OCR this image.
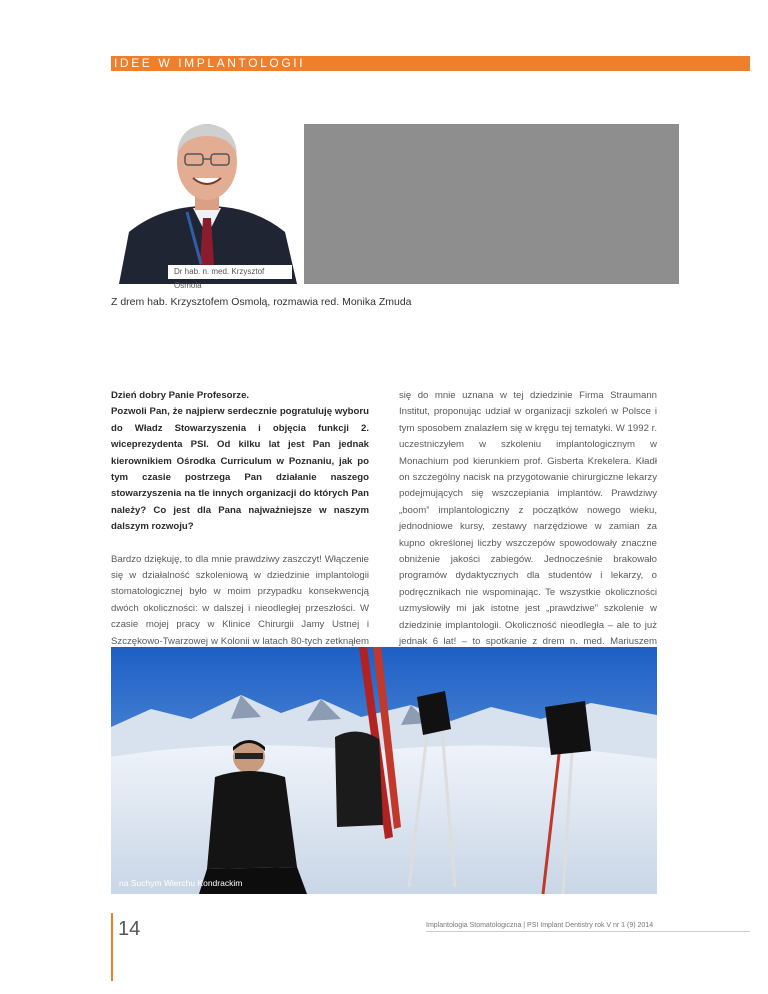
IDEE W IMPLANTOLOGII
Dr hab. n. med. Krzysztof Osmola
Z drem hab. Krzysztofem Osmolą, rozmawia red. Monika Zmuda

Dzień dobry Panie Profesorze.
Pozwoli Pan, że najpierw serdecznie pogratuluję wyboru do Władz Stowarzyszenia i objęcia funkcji 2. wiceprezydenta PSI. Od kilku lat jest Pan jednak kierownikiem Ośrodka Curriculum w Poznaniu, jak po tym czasie postrzega Pan działanie naszego stowarzyszenia na tle innych organizacji do których Pan należy? Co jest dla Pana najważniejsze w naszym dalszym rozwoju?

Bardzo dziękuję, to dla mnie prawdziwy zaszczyt! Włączenie się w działalność szkoleniową w dziedzinie implantologii stomatologicznej było w moim przypadku konsekwencją dwóch okoliczności: w dalszej i nieodległej przeszłości. W czasie mojej pracy w Klinice Chirurgii Jamy Ustnej i Szczękowo-Twarzowej w Kolonii w latach 80-tych zetknąłem

się do mnie uznana w tej dziedzinie Firma Straumann Institut, proponując udział w organizacji szkoleń w Polsce i tym sposobem znalazłem się w kręgu tej tematyki. W 1992 r. uczestniczyłem w szkoleniu implantologicznym w Monachium pod kierunkiem prof. Gisberta Krekelera. Kładł on szczególny nacisk na przygotowanie chirurgiczne lekarzy podejmujących się wszczepiania implantów. Prawdziwy „boom” implantologiczny z początków nowego wieku, jednodniowe kursy, zestawy narzędziowe w zamian za kupno określonej liczby wszczepów spowodowały znaczne obniżenie jakości zabiegów. Jednocześnie brakowało programów dydaktycznych dla studentów i lekarzy, o podręcznikach nie wspominając. Te wszystkie okoliczności uzmysłowiły mi jak istotne jest „prawdziwe” szkolenie w dziedzinie implantologii. Okoliczność nieodległa – ale to już jednak 6 lat! – to spotkanie z drem n. med. Mariuszem

na Suchym Wierchu Kondrackim
14	Implantologia Stomatologiczna | PSI Implant Dentistry rok V nr 1 (9) 2014
